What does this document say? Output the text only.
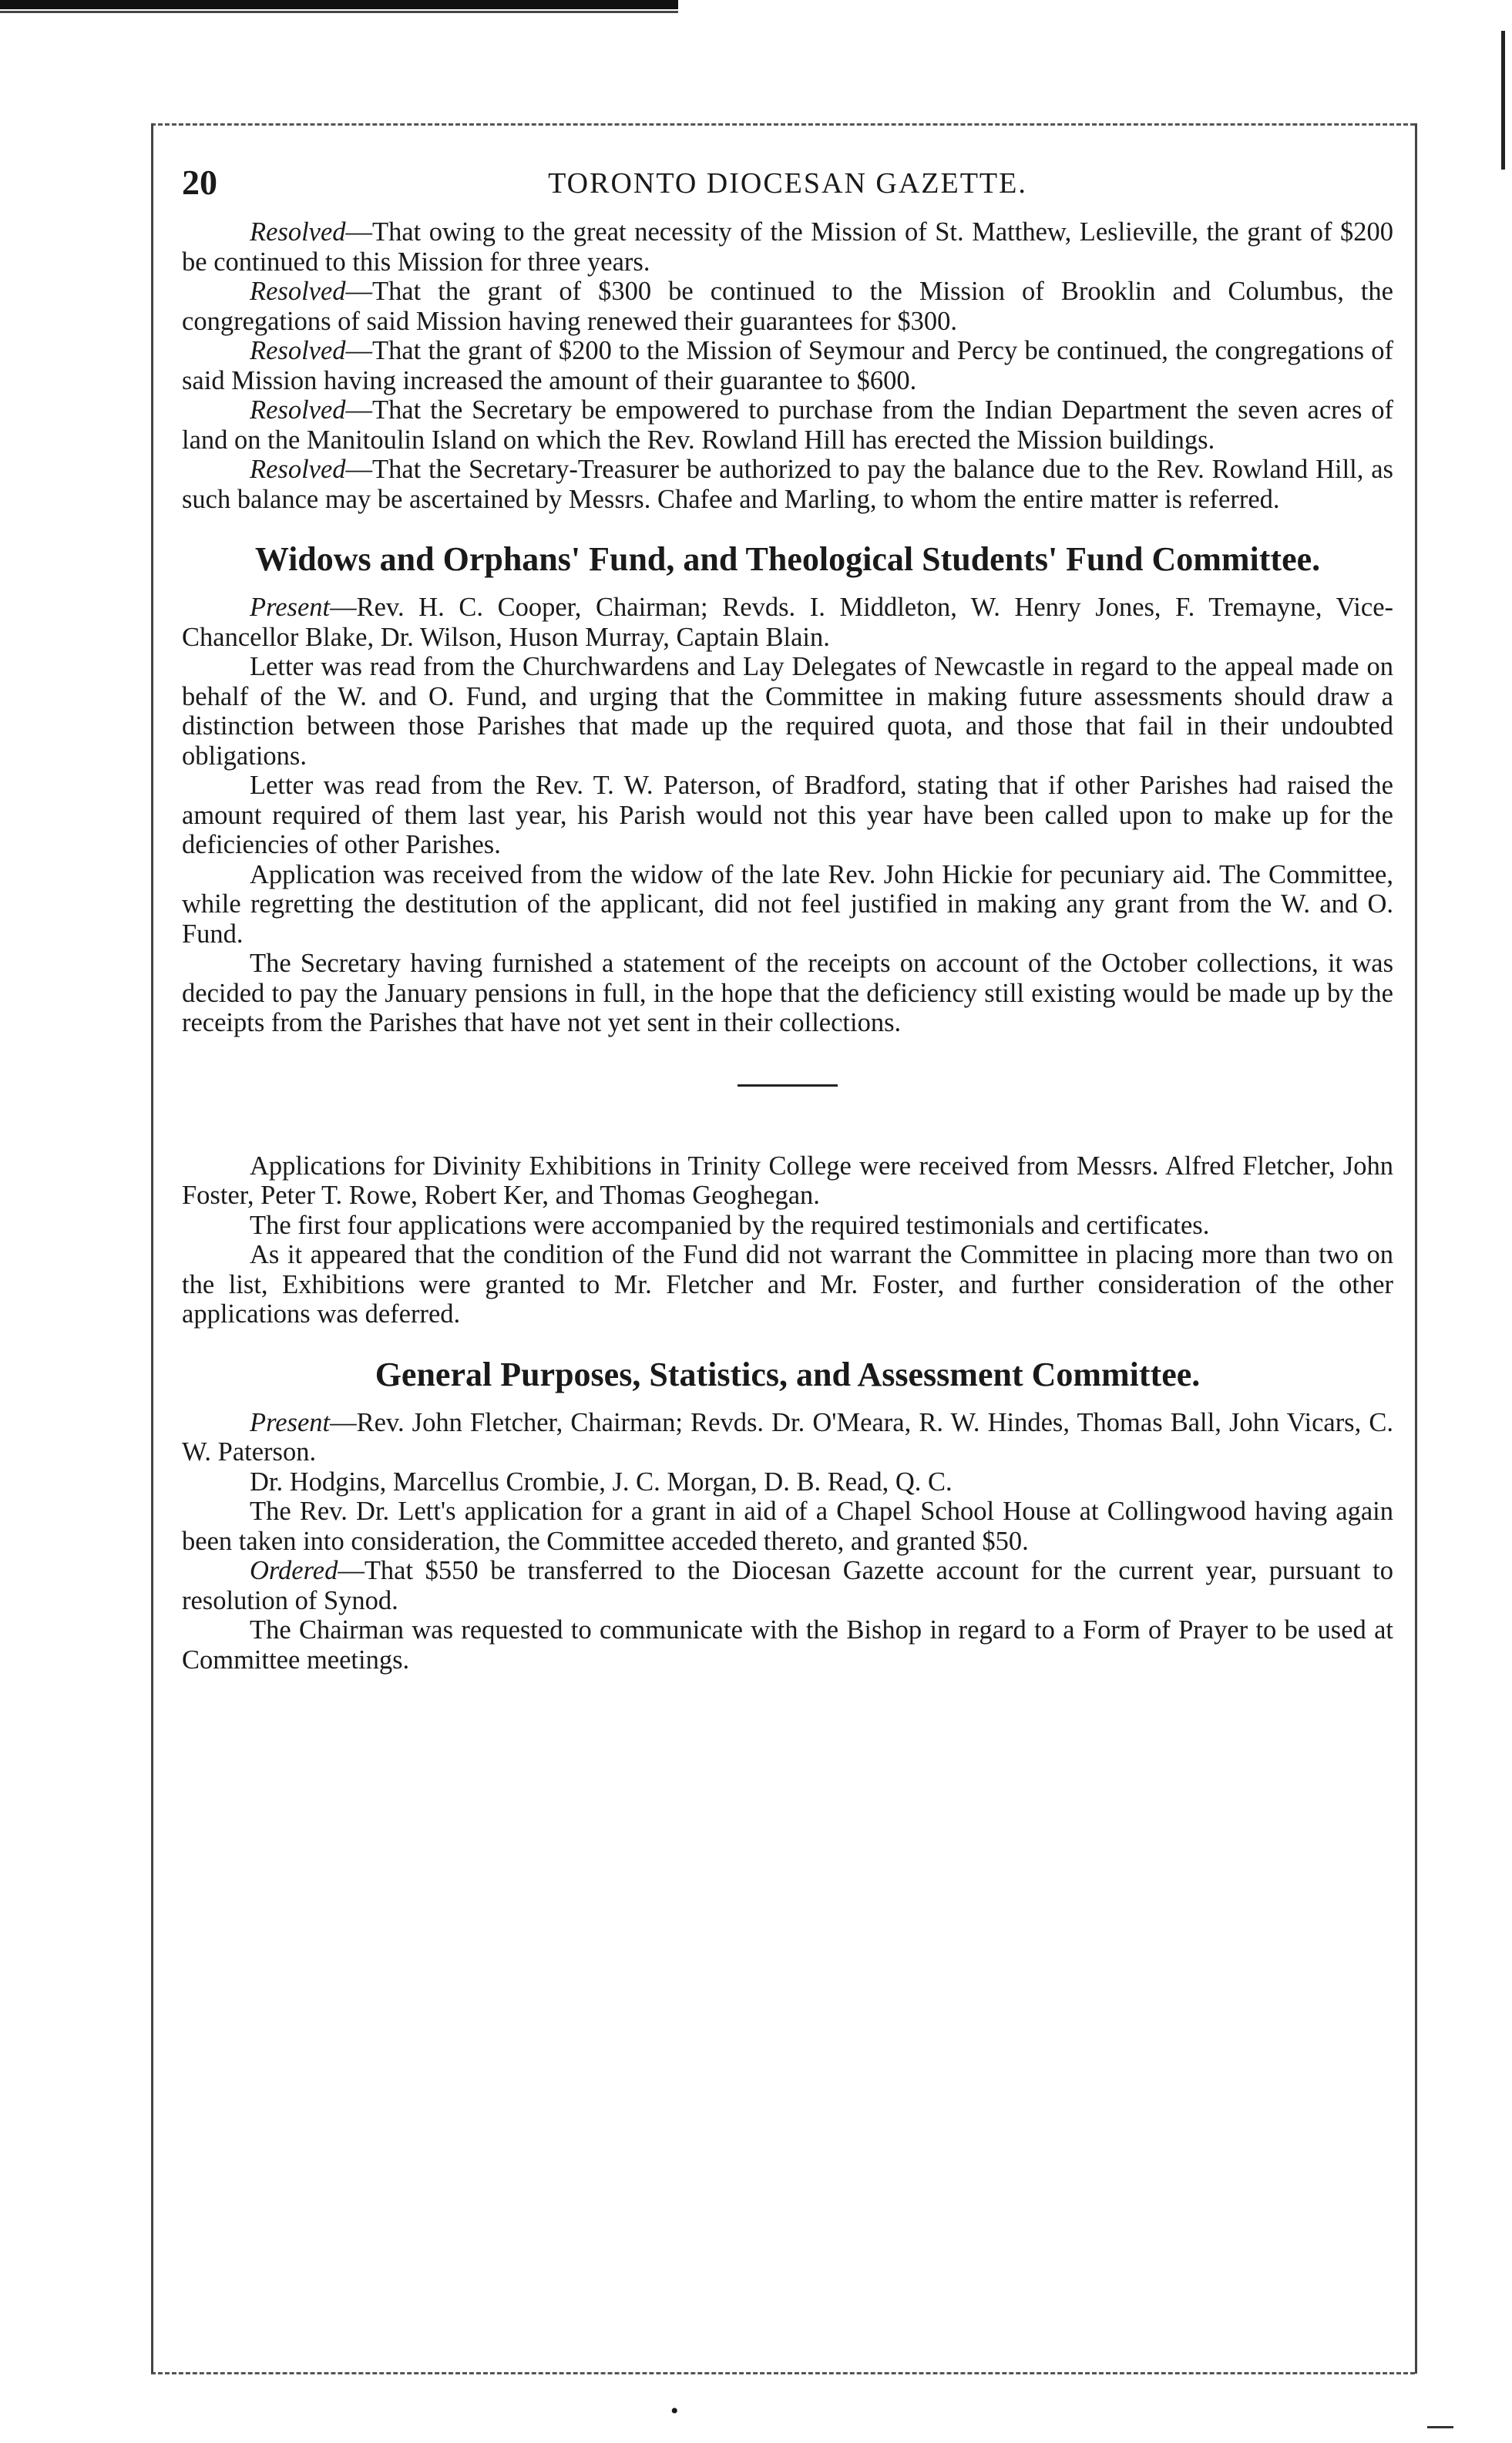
20	TORONTO DIOCESAN GAZETTE.

Resolved—That owing to the great necessity of the Mission of St. Matthew, Leslieville, the grant of $200 be continued to this Mission for three years.

Resolved—That the grant of $300 be continued to the Mission of Brooklin and Columbus, the congregations of said Mission having renewed their guarantees for $300.

Resolved—That the grant of $200 to the Mission of Seymour and Percy be continued, the congregations of said Mission having increased the amount of their guarantee to $600.

Resolved—That the Secretary be empowered to purchase from the Indian Department the seven acres of land on the Manitoulin Island on which the Rev. Rowland Hill has erected the Mission buildings.

Resolved—That the Secretary-Treasurer be authorized to pay the balance due to the Rev. Rowland Hill, as such balance may be ascertained by Messrs. Chafee and Marling, to whom the entire matter is referred.

Widows and Orphans' Fund, and Theological Students' Fund Committee.

Present—Rev. H. C. Cooper, Chairman; Revds. I. Middleton, W. Henry Jones, F. Tremayne, Vice-Chancellor Blake, Dr. Wilson, Huson Murray, Captain Blain.

Letter was read from the Churchwardens and Lay Delegates of Newcastle in regard to the appeal made on behalf of the W. and O. Fund, and urging that the Committee in making future assessments should draw a distinction between those Parishes that made up the required quota, and those that fail in their undoubted obligations.

Letter was read from the Rev. T. W. Paterson, of Bradford, stating that if other Parishes had raised the amount required of them last year, his Parish would not this year have been called upon to make up for the deficiencies of other Parishes.

Application was received from the widow of the late Rev. John Hickie for pecuniary aid. The Committee, while regretting the destitution of the applicant, did not feel justified in making any grant from the W. and O. Fund.

The Secretary having furnished a statement of the receipts on account of the October collections, it was decided to pay the January pensions in full, in the hope that the deficiency still existing would be made up by the receipts from the Parishes that have not yet sent in their collections.

Applications for Divinity Exhibitions in Trinity College were received from Messrs. Alfred Fletcher, John Foster, Peter T. Rowe, Robert Ker, and Thomas Geoghegan.

The first four applications were accompanied by the required testimonials and certificates.

As it appeared that the condition of the Fund did not warrant the Committee in placing more than two on the list, Exhibitions were granted to Mr. Fletcher and Mr. Foster, and further consideration of the other applications was deferred.

General Purposes, Statistics, and Assessment Committee.

Present—Rev. John Fletcher, Chairman; Revds. Dr. O'Meara, R. W. Hindes, Thomas Ball, John Vicars, C. W. Paterson.

Dr. Hodgins, Marcellus Crombie, J. C. Morgan, D. B. Read, Q. C.

The Rev. Dr. Lett's application for a grant in aid of a Chapel School House at Collingwood having again been taken into consideration, the Committee acceded thereto, and granted $50.

Ordered—That $550 be transferred to the Diocesan Gazette account for the current year, pursuant to resolution of Synod.

The Chairman was requested to communicate with the Bishop in regard to a Form of Prayer to be used at Committee meetings.

•
